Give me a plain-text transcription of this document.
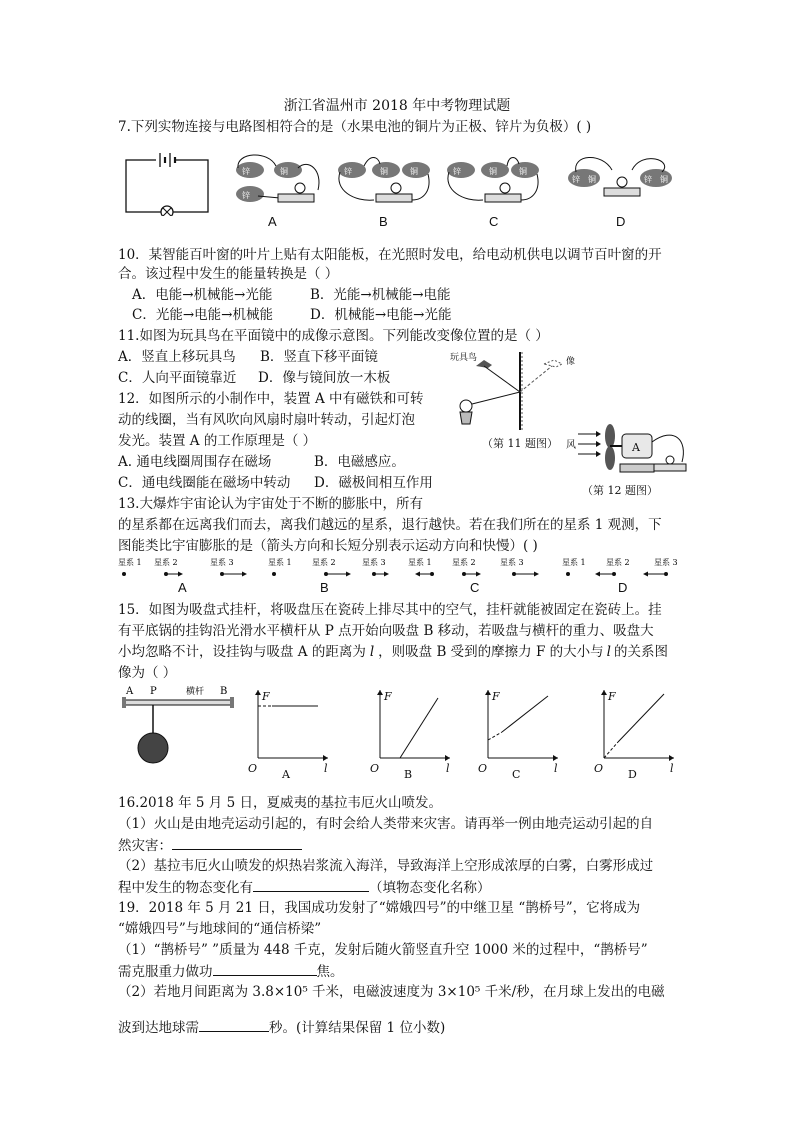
浙江省温州市 2018 年中考物理试题
7.下列实物连接与电路图相符合的是（水果电池的铜片为正极、锌片为负极）( )
锌	铜
锌
锌	铜	铜	锌	铜	铜
锌 铜	锌 铜
A	B	C	D
10．某智能百叶窗的叶片上贴有太阳能板，在光照时发电，给电动机供电以调节百叶窗的开
合。该过程中发生的能量转换是（ ）
A．电能→机械能→光能	B．光能→机械能→电能
C．光能→电能→机械能	D．机械能→电能→光能
11.如图为玩具鸟在平面镜中的成像示意图。下列能改变像位置的是（ ）
A．竖直上移玩具鸟 B．竖直下移平面镜
C．人向平面镜靠近 D．像与镜间放一木板
玩具鸟	像
（第 11 题图）
12．如图所示的小制作中，装置 A 中有磁铁和可转
动的线圈，当有风吹向风扇时扇叶转动，引起灯泡
发光。装置 A 的工作原理是（ ）
A. 通电线圈周围存在磁场	B．电磁感应。
C．通电线圈能在磁场中转动 D．磁极间相互作用
风	A
（第 12 题图）
13.大爆炸宇宙论认为宇宙处于不断的膨胀中，所有
的星系都在远离我们而去，离我们越远的星系，退行越快。若在我们所在的星系 1 观测，下
图能类比宇宙膨胀的是（箭头方向和长短分别表示运动方向和快慢）( )
星系 1 星系 2	星系 3	星系 1	星系 2	星系 3	星系 1	星系 2	星系 3	星系 1	星系 2	星系 3
A	B	C	D
15．如图为吸盘式挂杆，将吸盘压在瓷砖上排尽其中的空气，挂杆就能被固定在瓷砖上。挂
有平底锅的挂钩沿光滑水平横杆从 P 点开始向吸盘 B 移动，若吸盘与横杆的重力、吸盘大
小均忽略不计，设挂钩与吸盘 A 的距离为 l ，则吸盘 B 受到的摩擦力 F 的大小与 l 的关系图
像为（ ）
A P	横杆 B	F
l
O A
F
l
O B
F
l
O C
F
l
O D
16.2018 年 5 月 5 日，夏威夷的基拉韦厄火山喷发。
（1）火山是由地壳运动引起的，有时会给人类带来灾害。请再举一例由地壳运动引起的自
然灾害：
（2）基拉韦厄火山喷发的炽热岩浆流入海洋，导致海洋上空形成浓厚的白雾，白雾形成过
程中发生的物态变化有	（填物态变化名称）
19．2018 年 5 月 21 日，我国成功发射了“嫦娥四号”的中继卫星 “鹊桥号”，它将成为
“嫦娥四号”与地球间的“通信桥梁”
（1）“鹊桥号” ”质量为 448 千克，发射后随火箭竖直升空 1000 米的过程中，“鹊桥号”
需克服重力做功	焦。
（2）若地月间距离为 3.8×10⁵ 千米，电磁波速度为 3×10⁵ 千米/秒，在月球上发出的电磁
波到达地球需	秒。(计算结果保留 1 位小数)
